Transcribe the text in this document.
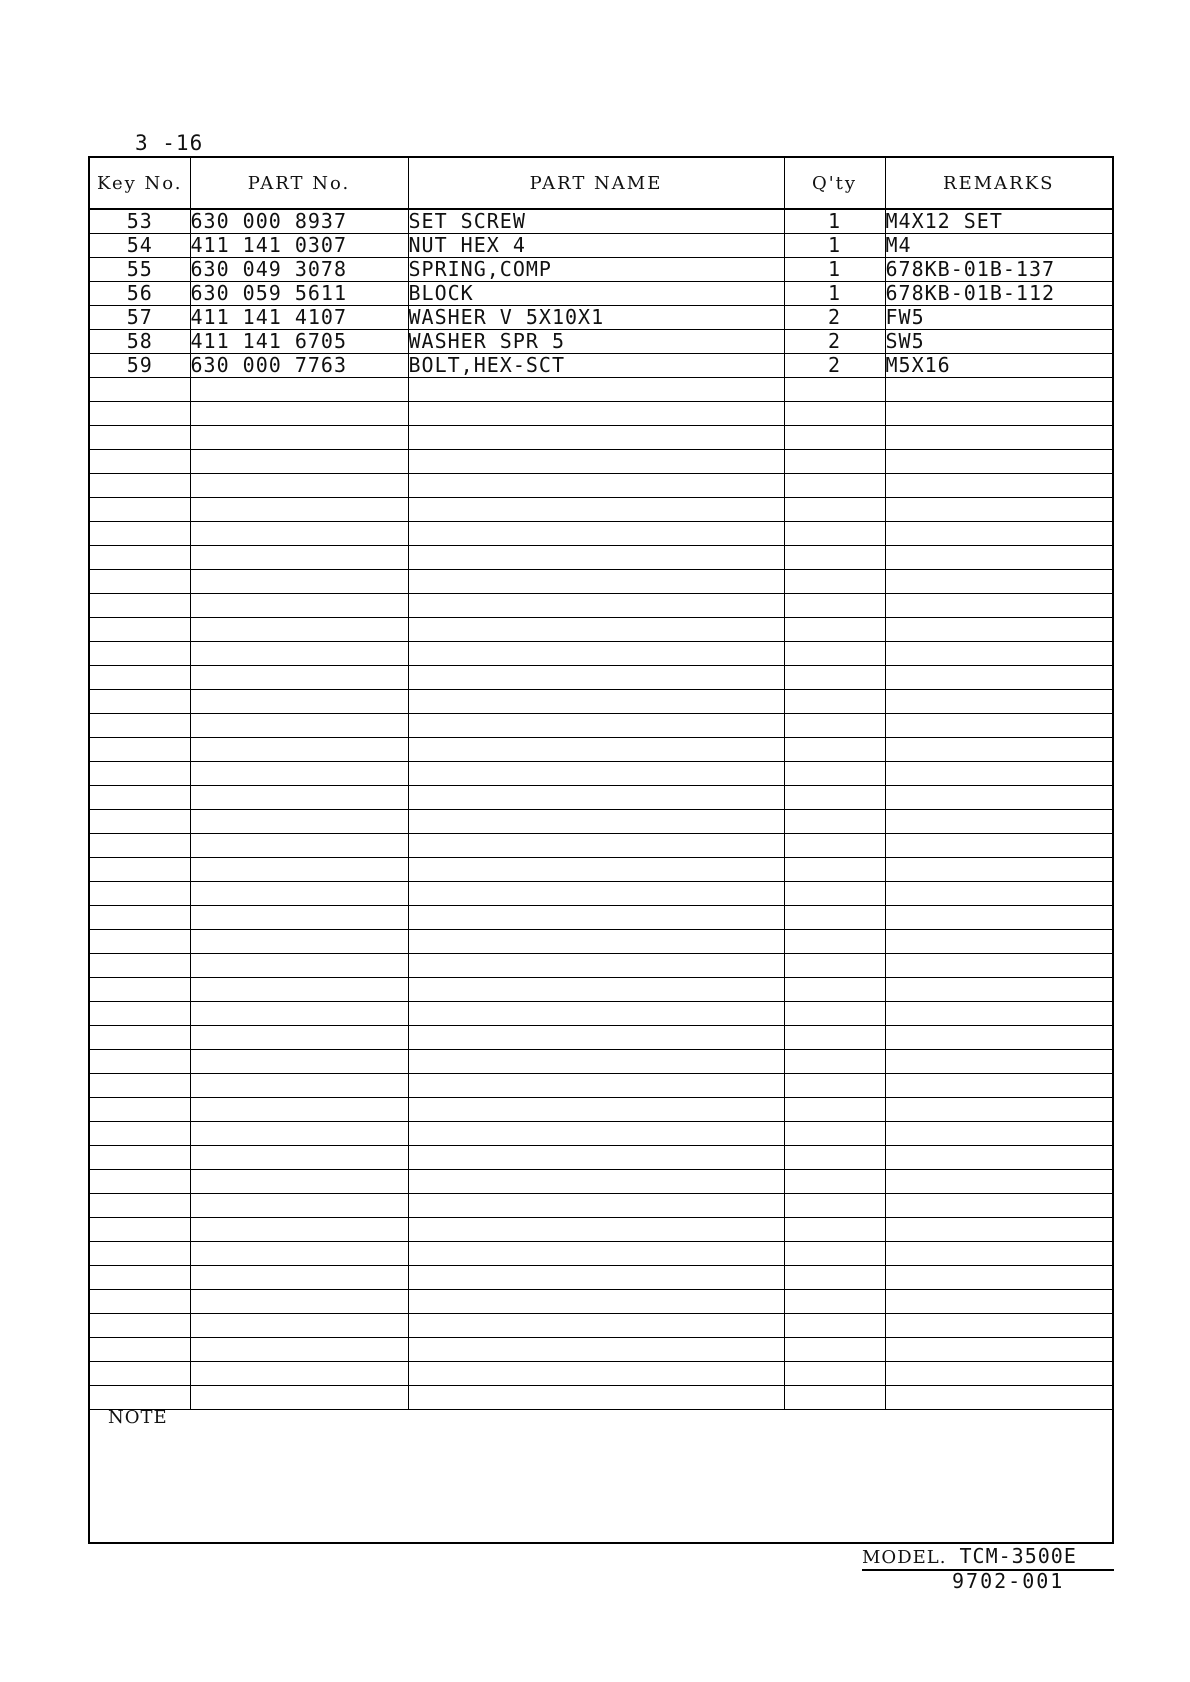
3 -16
Key No.	PART No.	PART NAME	Q'ty	REMARKS
53	630 000 8937	SET SCREW	1	M4X12 SET
54	411 141 0307	NUT HEX 4	1	M4
55	630 049 3078	SPRING,COMP	1	678KB-01B-137
56	630 059 5611	BLOCK	1	678KB-01B-112
57	411 141 4107	WASHER V 5X10X1	2	FW5
58	411 141 6705	WASHER SPR 5	2	SW5
59	630 000 7763	BOLT,HEX-SCT	2	M5X16

NOTE
MODEL. TCM-3500E
9702-001
